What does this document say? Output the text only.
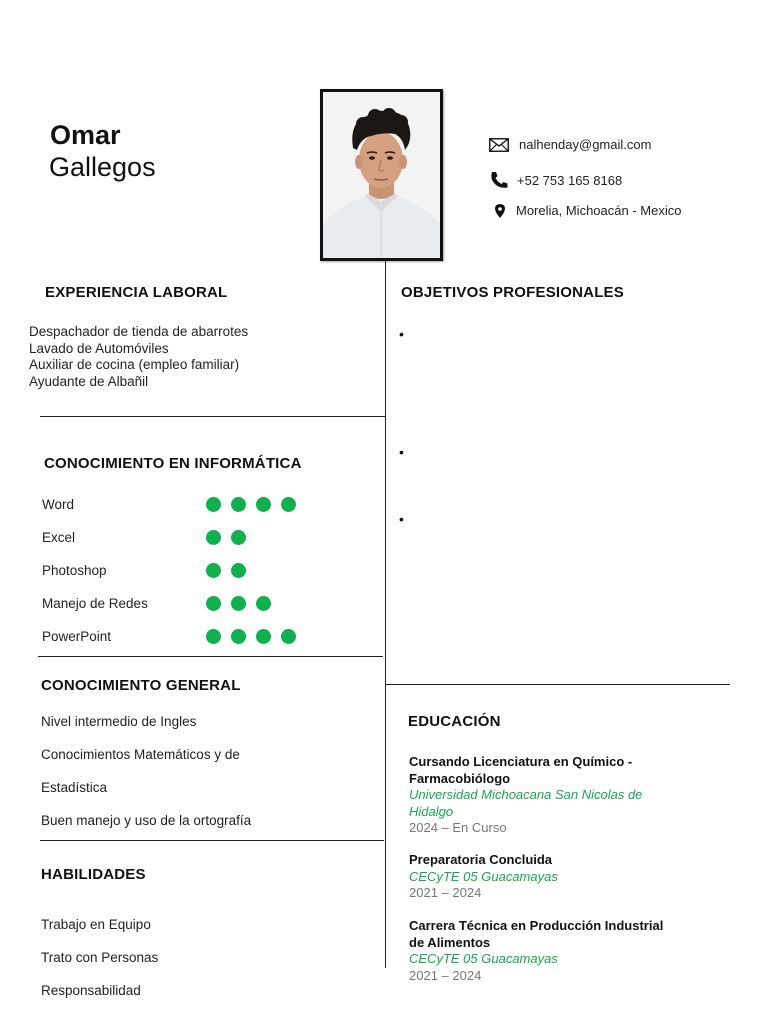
Omar
Gallegos
nalhenday@gmail.com
+52 753 165 8168
Morelia, Michoacán - Mexico
EXPERIENCIA LABORAL
Despachador de tienda de abarrotes
Lavado de Automóviles
Auxiliar de cocina (empleo familiar)
Ayudante de Albañil
CONOCIMIENTO EN INFORMÁTICA
Word
Excel
Photoshop
Manejo de Redes
PowerPoint
CONOCIMIENTO GENERAL
Nivel intermedio de Ingles
Conocimientos Matemáticos y de
Estadística
Buen manejo y uso de la ortografía
HABILIDADES
Trabajo en Equipo
Trato con Personas
Responsabilidad
OBJETIVOS PROFESIONALES
•
•
•
EDUCACIÓN
Cursando Licenciatura en Químico -
Farmacobiólogo
Universidad Michoacana San Nicolas de
Hidalgo
2024 – En Curso
Preparatoria Concluida
CECyTE 05 Guacamayas
2021 – 2024
Carrera Técnica en Producción Industrial
de Alimentos
CECyTE 05 Guacamayas
2021 – 2024
